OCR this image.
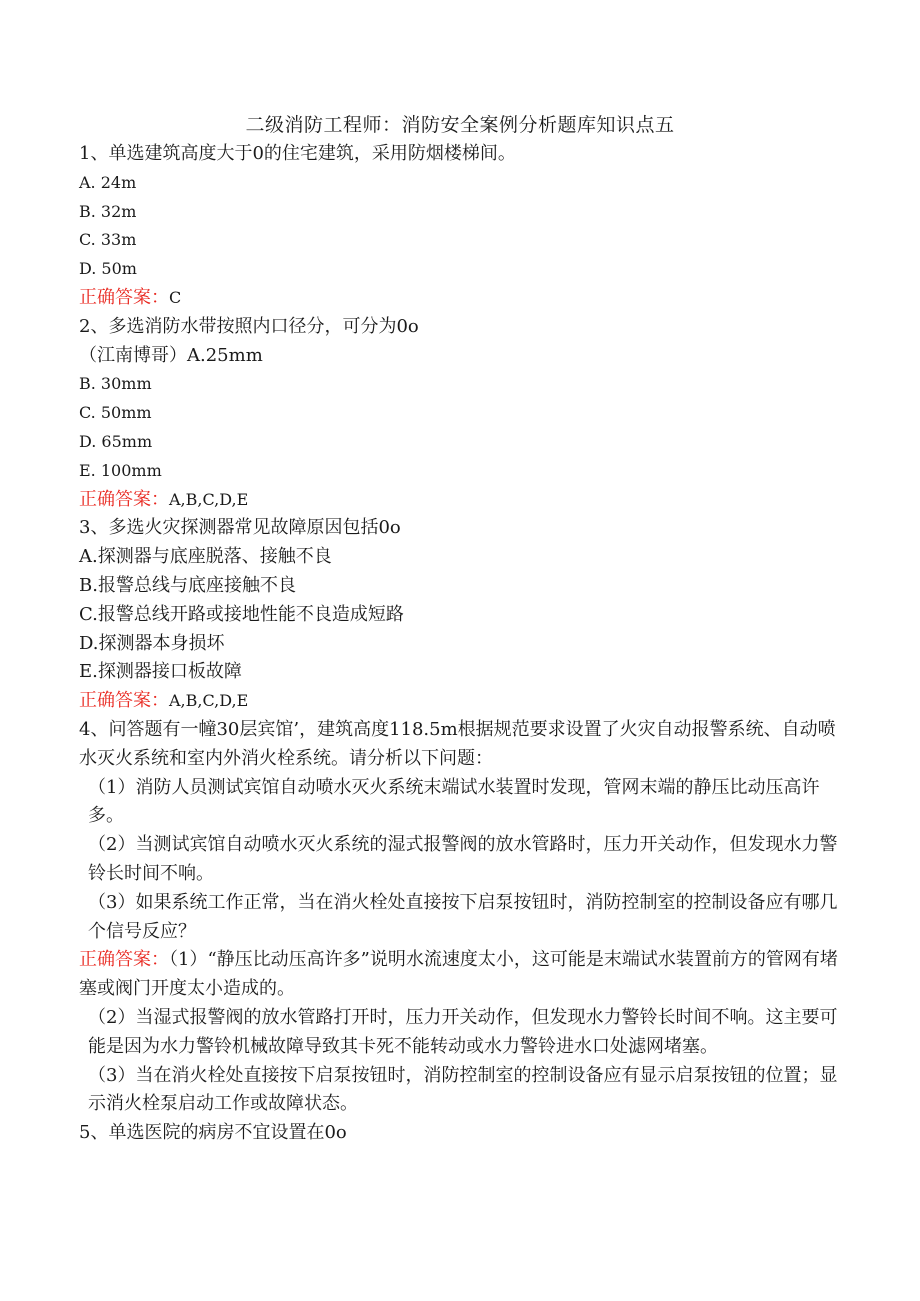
二级消防工程师：消防安全案例分析题库知识点五

1、单选建筑高度大于0的住宅建筑，采用防烟楼梯间。

A. 24m

B. 32m

C. 33m

D. 50m

正确答案：C

2、多选消防水带按照内口径分，可分为0o

（江南博哥）A.25mm

B. 30mm

C. 50mm

D. 65mm

E. 100mm

正确答案：A,B,C,D,E

3、多选火灾探测器常见故障原因包括0o

A.探测器与底座脱落、接触不良

B.报警总线与底座接触不良

C.报警总线开路或接地性能不良造成短路

D.探测器本身损坏

E.探测器接口板故障

正确答案：A,B,C,D,E

4、问答题有一幢30层宾馆’，建筑高度118.5m根据规范要求设置了火灾自动报警系统、自动喷水灭火系统和室内外消火栓系统。请分析以下问题：

（1）消防人员测试宾馆自动喷水灭火系统末端试水装置时发现，管网末端的静压比动压高许多。

（2）当测试宾馆自动喷水灭火系统的湿式报警阀的放水管路时，压力开关动作，但发现水力警铃长时间不响。

（3）如果系统工作正常，当在消火栓处直接按下启泵按钮时，消防控制室的控制设备应有哪几个信号反应？

正确答案：（1）“静压比动压高许多”说明水流速度太小，这可能是末端试水装置前方的管网有堵塞或阀门开度太小造成的。

（2）当湿式报警阀的放水管路打开时，压力开关动作，但发现水力警铃长时间不响。这主要可能是因为水力警铃机械故障导致其卡死不能转动或水力警铃进水口处滤网堵塞。

（3）当在消火栓处直接按下启泵按钮时，消防控制室的控制设备应有显示启泵按钮的位置；显示消火栓泵启动工作或故障状态。

5、单选医院的病房不宜设置在0o
